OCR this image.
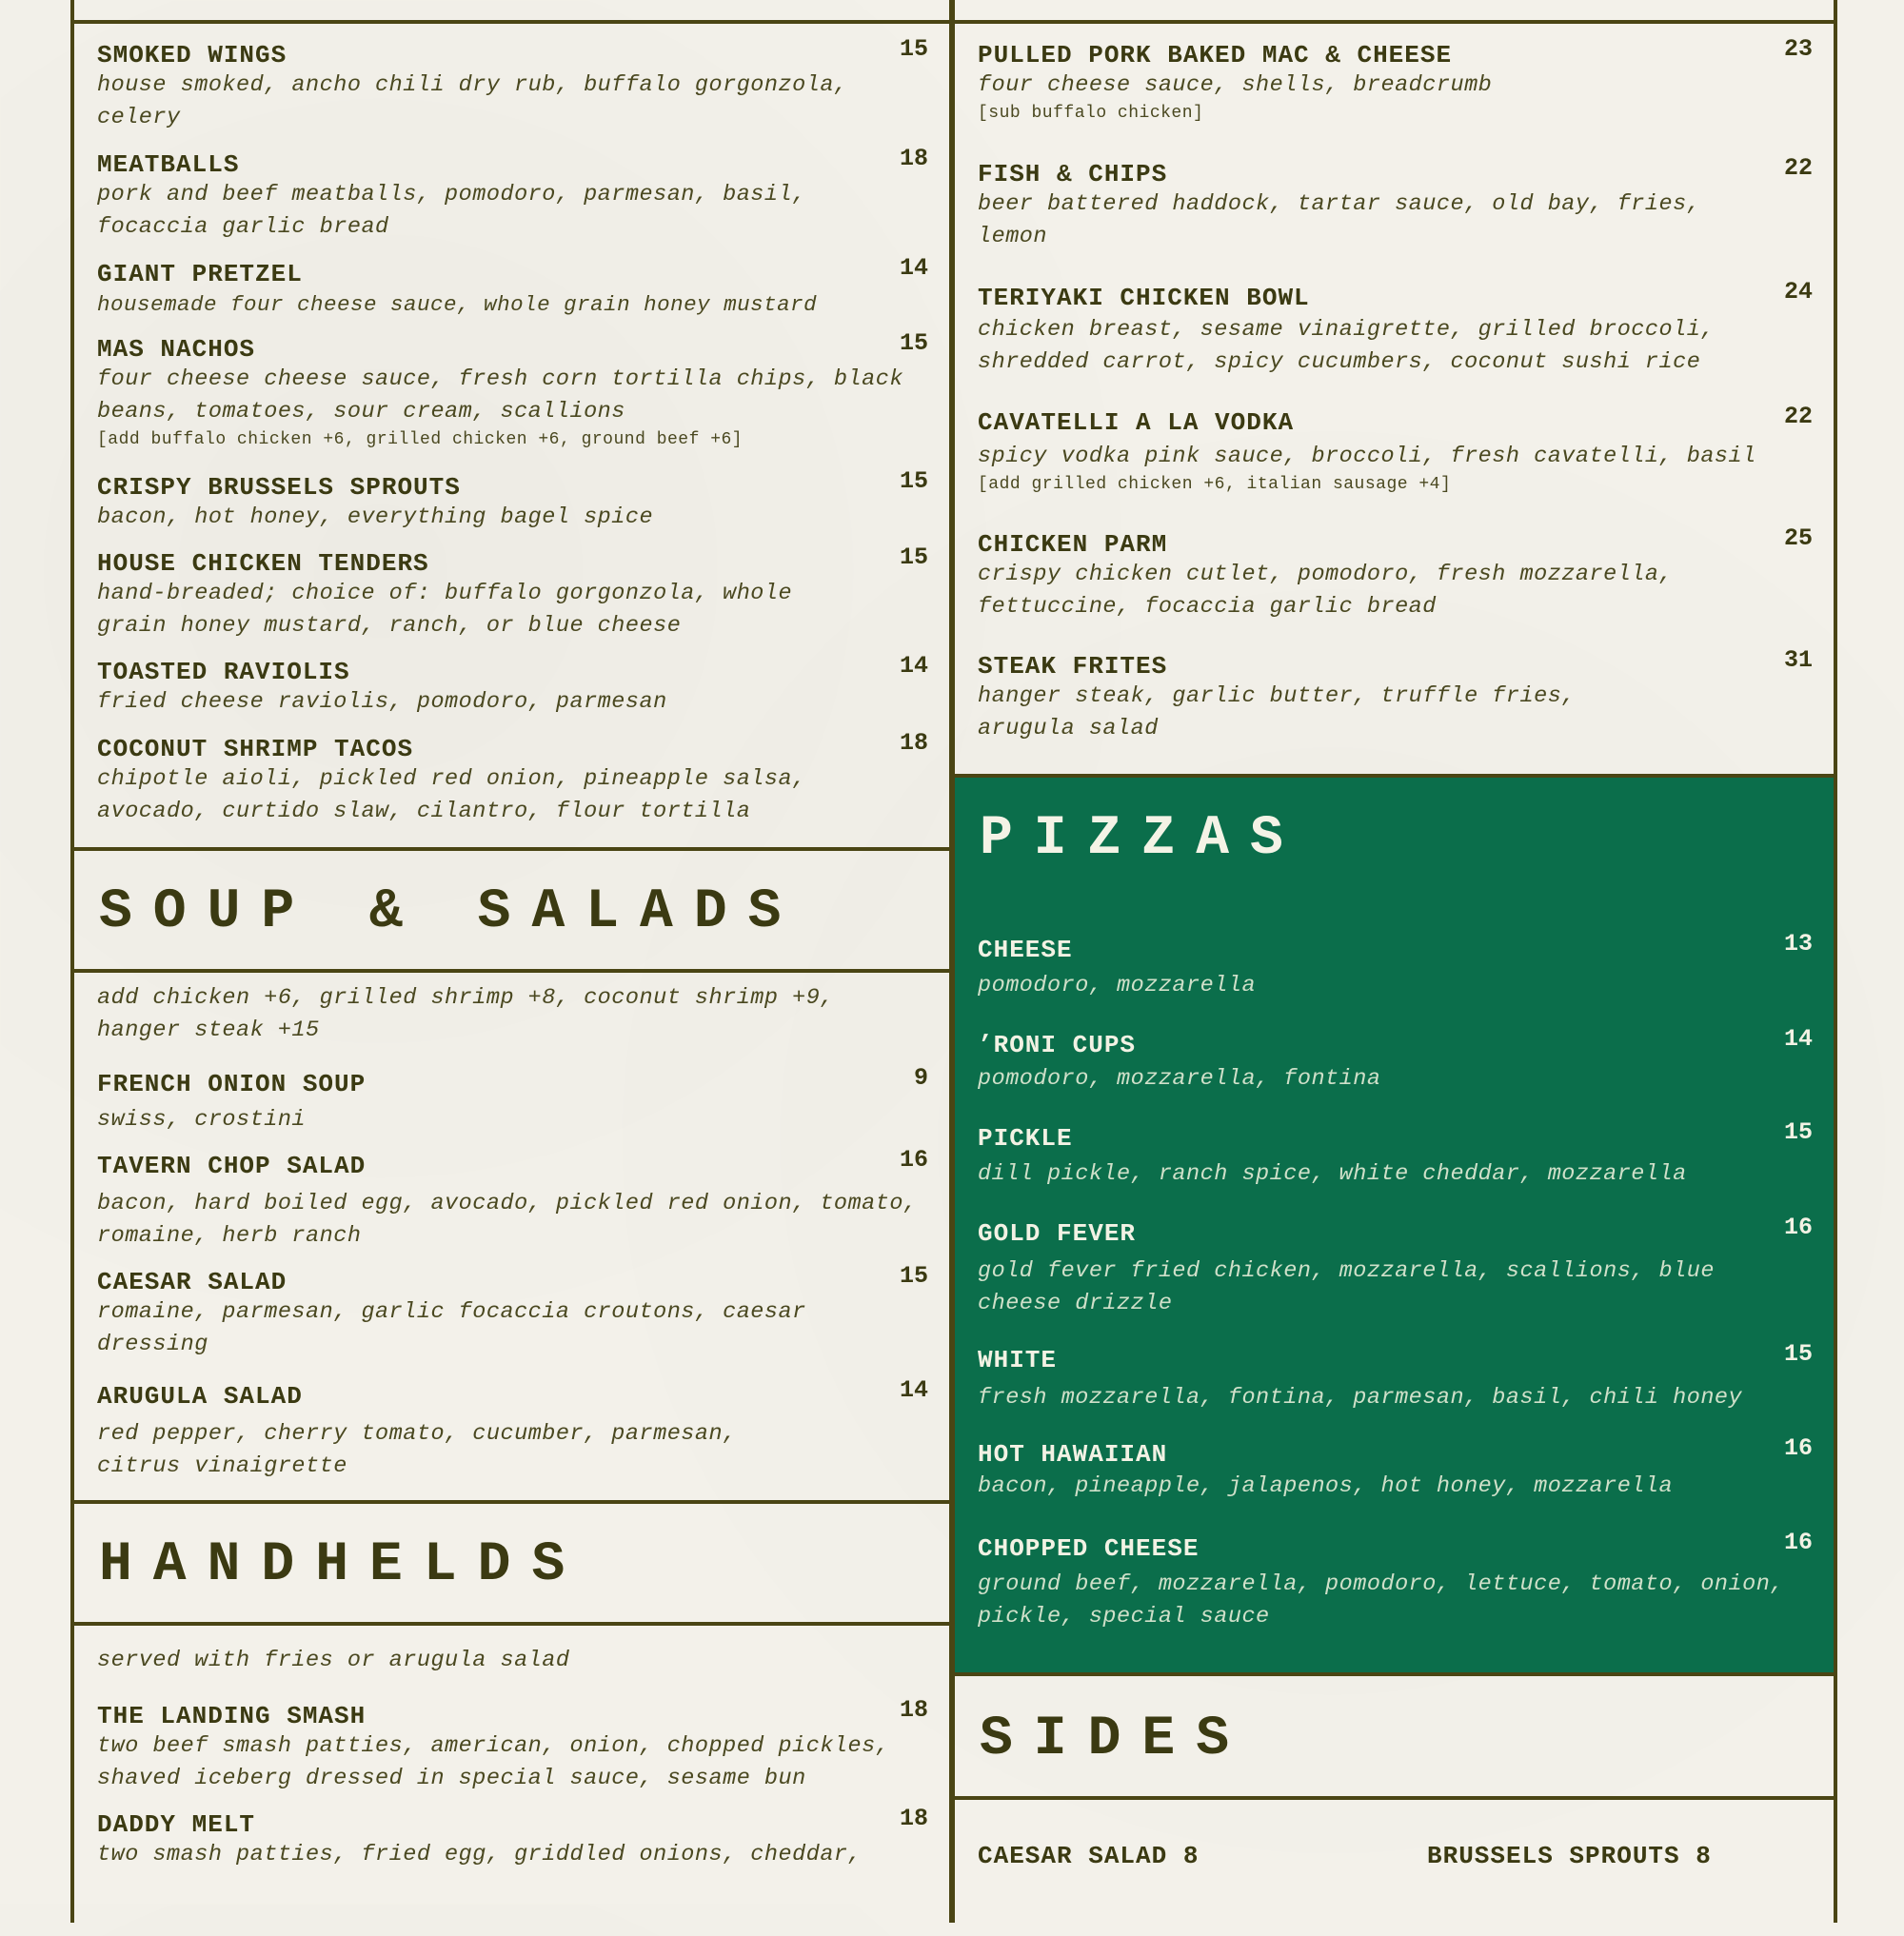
SMOKED WINGS	15
house smoked, ancho chili dry rub, buffalo gorgonzola, celery
MEATBALLS	18
pork and beef meatballs, pomodoro, parmesan, basil, focaccia garlic bread
GIANT PRETZEL	14
housemade four cheese sauce, whole grain honey mustard
MAS NACHOS	15
four cheese cheese sauce, fresh corn tortilla chips, black beans, tomatoes, sour cream, scallions
[add buffalo chicken +6, grilled chicken +6, ground beef +6]
CRISPY BRUSSELS SPROUTS	15
bacon, hot honey, everything bagel spice
HOUSE CHICKEN TENDERS	15
hand-breaded; choice of: buffalo gorgonzola, whole grain honey mustard, ranch, or blue cheese
TOASTED RAVIOLIS	14
fried cheese raviolis, pomodoro, parmesan
COCONUT SHRIMP TACOS	18
chipotle aioli, pickled red onion, pineapple salsa, avocado, curtido slaw, cilantro, flour tortilla
SOUP & SALADS
add chicken +6, grilled shrimp +8, coconut shrimp +9, hanger steak +15
FRENCH ONION SOUP	9
swiss, crostini
TAVERN CHOP SALAD	16
bacon, hard boiled egg, avocado, pickled red onion, tomato, romaine, herb ranch
CAESAR SALAD	15
romaine, parmesan, garlic focaccia croutons, caesar dressing
ARUGULA SALAD	14
red pepper, cherry tomato, cucumber, parmesan, citrus vinaigrette
HANDHELDS
served with fries or arugula salad
THE LANDING SMASH	18
two beef smash patties, american, onion, chopped pickles, shaved iceberg dressed in special sauce, sesame bun
DADDY MELT	18
two smash patties, fried egg, griddled onions, cheddar,
PULLED PORK BAKED MAC & CHEESE	23
four cheese sauce, shells, breadcrumb
[sub buffalo chicken]
FISH & CHIPS	22
beer battered haddock, tartar sauce, old bay, fries, lemon
TERIYAKI CHICKEN BOWL	24
chicken breast, sesame vinaigrette, grilled broccoli, shredded carrot, spicy cucumbers, coconut sushi rice
CAVATELLI A LA VODKA	22
spicy vodka pink sauce, broccoli, fresh cavatelli, basil
[add grilled chicken +6, italian sausage +4]
CHICKEN PARM	25
crispy chicken cutlet, pomodoro, fresh mozzarella, fettuccine, focaccia garlic bread
STEAK FRITES	31
hanger steak, garlic butter, truffle fries, arugula salad
PIZZAS
CHEESE	13
pomodoro, mozzarella
’RONI CUPS	14
pomodoro, mozzarella, fontina
PICKLE	15
dill pickle, ranch spice, white cheddar, mozzarella
GOLD FEVER	16
gold fever fried chicken, mozzarella, scallions, blue cheese drizzle
WHITE	15
fresh mozzarella, fontina, parmesan, basil, chili honey
HOT HAWAIIAN	16
bacon, pineapple, jalapenos, hot honey, mozzarella
CHOPPED CHEESE	16
ground beef, mozzarella, pomodoro, lettuce, tomato, onion, pickle, special sauce
SIDES
CAESAR SALAD 8	BRUSSELS SPROUTS 8
